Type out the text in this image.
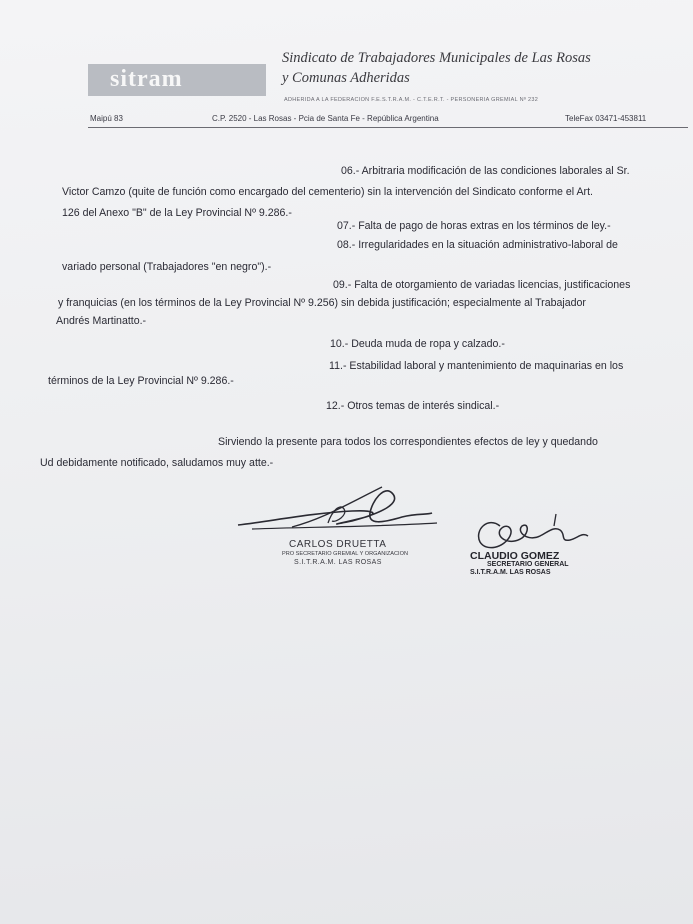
sitram
Sindicato de Trabajadores Municipales de Las Rosas
y Comunas Adheridas
ADHERIDA A LA FEDERACION F.E.S.T.R.A.M. - C.T.E.R.T. - PERSONERIA GREMIAL Nº 232
Maipú 83	C.P. 2520 - Las Rosas - Pcia de Santa Fe - República Argentina	TeleFax 03471-453811
06.- Arbitraria modificación de las condiciones laborales al Sr.
Victor Camzo (quite de función como encargado del cementerio) sin la intervención del Sindicato conforme el Art.
126 del Anexo "B" de la Ley Provincial Nº 9.286.-
07.- Falta de pago de horas extras en los términos de ley.-
08.- Irregularidades en la situación administrativo-laboral de
variado personal (Trabajadores "en negro").-
09.- Falta de otorgamiento de variadas licencias, justificaciones
y franquicias (en los términos de la Ley Provincial Nº 9.256) sin debida justificación; especialmente al Trabajador
Andrés Martinatto.-
10.- Deuda muda de ropa y calzado.-
11.- Estabilidad laboral y mantenimiento de maquinarias en los
términos de la Ley Provincial Nº 9.286.-
12.- Otros temas de interés sindical.-
Sirviendo la presente para todos los correspondientes efectos de ley y quedando
Ud debidamente notificado, saludamos muy atte.-
CARLOS DRUETTA
PRO SECRETARIO GREMIAL Y ORGANIZACION
S.I.T.R.A.M. LAS ROSAS
CLAUDIO GOMEZ
SECRETARIO GENERAL
S.I.T.R.A.M. LAS ROSAS
